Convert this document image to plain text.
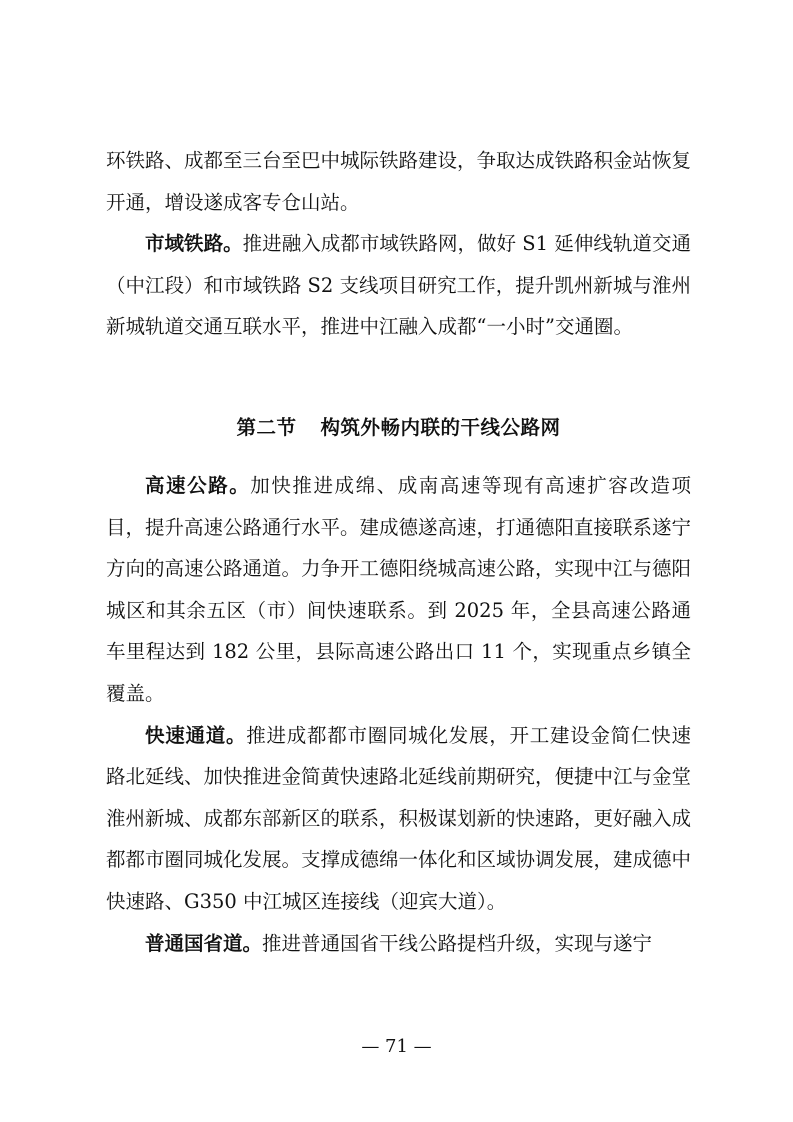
环铁路、成都至三台至巴中城际铁路建设，争取达成铁路积金站恢复开通，增设遂成客专仓山站。

市域铁路。推进融入成都市域铁路网，做好 S1 延伸线轨道交通（中江段）和市域铁路 S2 支线项目研究工作，提升凯州新城与淮州新城轨道交通互联水平，推进中江融入成都“一小时”交通圈。

第二节 构筑外畅内联的干线公路网

高速公路。加快推进成绵、成南高速等现有高速扩容改造项目，提升高速公路通行水平。建成德遂高速，打通德阳直接联系遂宁方向的高速公路通道。力争开工德阳绕城高速公路，实现中江与德阳城区和其余五区（市）间快速联系。到 2025 年，全县高速公路通车里程达到 182 公里，县际高速公路出口 11 个，实现重点乡镇全覆盖。

快速通道。推进成都都市圈同城化发展，开工建设金简仁快速路北延线、加快推进金简黄快速路北延线前期研究，便捷中江与金堂淮州新城、成都东部新区的联系，积极谋划新的快速路，更好融入成都都市圈同城化发展。支撑成德绵一体化和区域协调发展，建成德中快速路、G350 中江城区连接线（迎宾大道）。

普通国省道。推进普通国省干线公路提档升级，实现与遂宁

— 71 —
